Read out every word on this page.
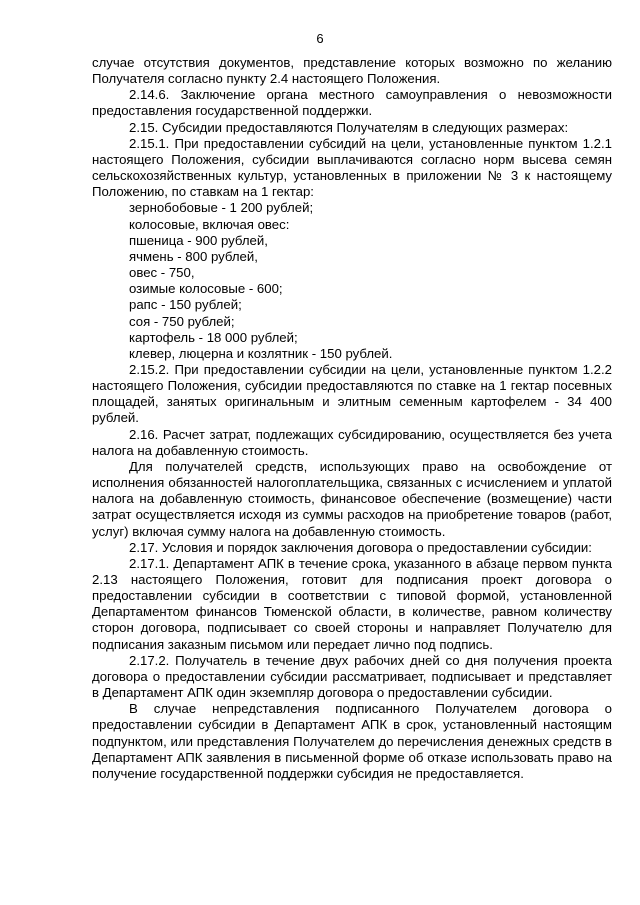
6

случае отсутствия документов, представление которых возможно по желанию Получателя согласно пункту 2.4 настоящего Положения.

2.14.6. Заключение органа местного самоуправления о невозможности предоставления государственной поддержки.

2.15. Субсидии предоставляются Получателям в следующих размерах:

2.15.1. При предоставлении субсидий на цели, установленные пунктом 1.2.1 настоящего Положения, субсидии выплачиваются согласно норм высева семян сельскохозяйственных культур, установленных в приложении № 3 к настоящему Положению, по ставкам на 1 гектар:

зернобобовые - 1 200 рублей;

колосовые, включая овес:

пшеница - 900 рублей,

ячмень - 800 рублей,

овес - 750,

озимые колосовые - 600;

рапс - 150 рублей;

соя - 750 рублей;

картофель - 18 000 рублей;

клевер, люцерна и козлятник - 150 рублей.

2.15.2. При предоставлении субсидии на цели, установленные пунктом 1.2.2 настоящего Положения, субсидии предоставляются по ставке на 1 гектар посевных площадей, занятых оригинальным и элитным семенным картофелем - 34 400 рублей.

2.16. Расчет затрат, подлежащих субсидированию, осуществляется без учета налога на добавленную стоимость.

Для получателей средств, использующих право на освобождение от исполнения обязанностей налогоплательщика, связанных с исчислением и уплатой налога на добавленную стоимость, финансовое обеспечение (возмещение) части затрат осуществляется исходя из суммы расходов на приобретение товаров (работ, услуг) включая сумму налога на добавленную стоимость.

2.17. Условия и порядок заключения договора о предоставлении субсидии:

2.17.1. Департамент АПК в течение срока, указанного в абзаце первом пункта 2.13 настоящего Положения, готовит для подписания проект договора о предоставлении субсидии в соответствии с типовой формой, установленной Департаментом финансов Тюменской области, в количестве, равном количеству сторон договора, подписывает со своей стороны и направляет Получателю для подписания заказным письмом или передает лично под подпись.

2.17.2. Получатель в течение двух рабочих дней со дня получения проекта договора о предоставлении субсидии рассматривает, подписывает и представляет в Департамент АПК один экземпляр договора о предоставлении субсидии.

В случае непредставления подписанного Получателем договора о предоставлении субсидии в Департамент АПК в срок, установленный настоящим подпунктом, или представления Получателем до перечисления денежных средств в Департамент АПК заявления в письменной форме об отказе использовать право на получение государственной поддержки субсидия не предоставляется.
